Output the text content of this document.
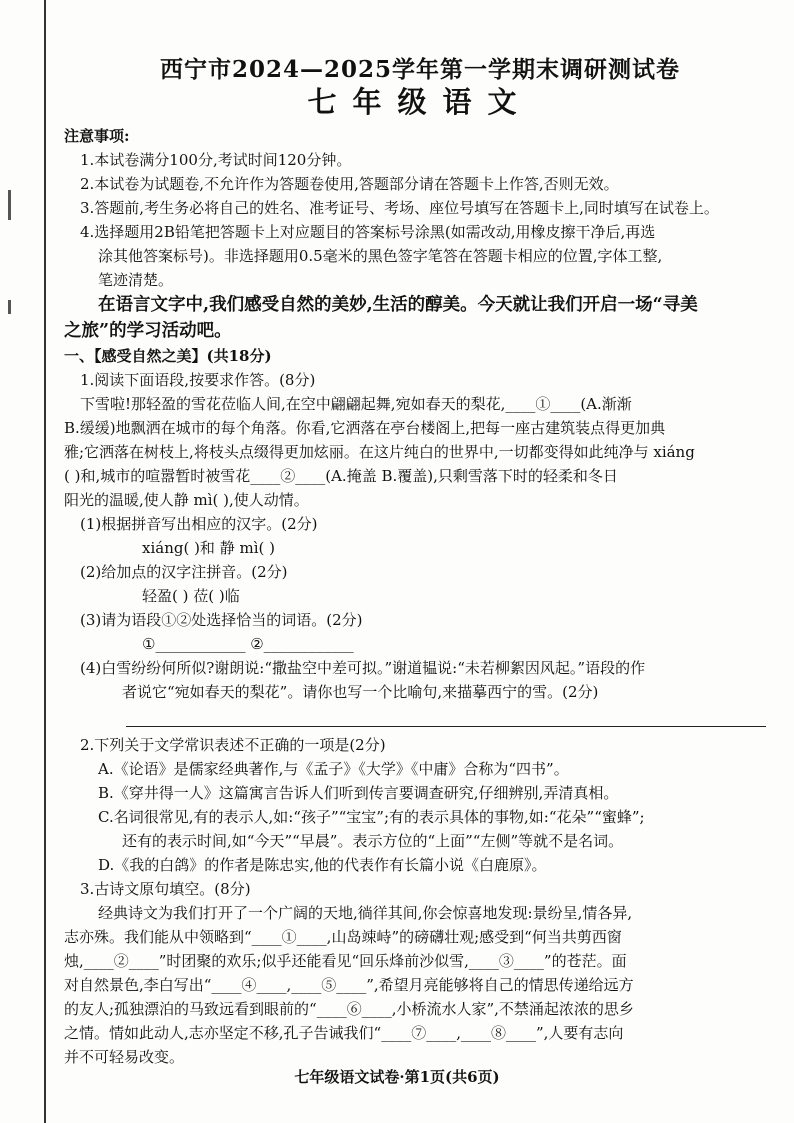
西宁市2024—2025学年第一学期末调研测试卷
七年级语文
注意事项:
1.本试卷满分100分,考试时间120分钟。
2.本试卷为试题卷,不允许作为答题卷使用,答题部分请在答题卡上作答,否则无效。
3.答题前,考生务必将自己的姓名、准考证号、考场、座位号填写在答题卡上,同时填写在试卷上。
4.选择题用2B铅笔把答题卡上对应题目的答案标号涂黑(如需改动,用橡皮擦干净后,再选
涂其他答案标号)。非选择题用0.5毫米的黑色签字笔答在答题卡相应的位置,字体工整,
笔迹清楚。
在语言文字中,我们感受自然的美妙,生活的醇美。今天就让我们开启一场“寻美
之旅”的学习活动吧。
一、【感受自然之美】(共18分)
1.阅读下面语段,按要求作答。(8分)
下雪啦!那轻盈的雪花莅临人间,在空中翩翩起舞,宛如春天的梨花,____①____(A.渐渐
B.缓缓)地飘洒在城市的每个角落。你看,它洒落在亭台楼阁上,把每一座古建筑装点得更加典
雅;它洒落在树枝上,将枝头点缀得更加炫丽。在这片纯白的世界中,一切都变得如此纯净与 xiáng
( )和,城市的喧嚣暂时被雪花____②____(A.掩盖 B.覆盖),只剩雪落下时的轻柔和冬日
阳光的温暖,使人静 mì( ),使人动情。
(1)根据拼音写出相应的汉字。(2分)
xiáng( )和 静 mì( )
(2)给加点的汉字注拼音。(2分)
轻盈( ) 莅( )临
(3)请为语段①②处选择恰当的词语。(2分)
①____________ ②____________
(4)白雪纷纷何所似?谢朗说:“撒盐空中差可拟。”谢道韫说:“未若柳絮因风起。”语段的作
者说它“宛如春天的梨花”。请你也写一个比喻句,来描摹西宁的雪。(2分)
2.下列关于文学常识表述不正确的一项是(2分)
A.《论语》是儒家经典著作,与《孟子》《大学》《中庸》合称为“四书”。
B.《穿井得一人》这篇寓言告诉人们听到传言要调查研究,仔细辨别,弄清真相。
C.名词很常见,有的表示人,如:“孩子”“宝宝”;有的表示具体的事物,如:“花朵”“蜜蜂”;
还有的表示时间,如“今天”“早晨”。表示方位的“上面”“左侧”等就不是名词。
D.《我的白鸽》的作者是陈忠实,他的代表作有长篇小说《白鹿原》。
3.古诗文原句填空。(8分)
经典诗文为我们打开了一个广阔的天地,徜徉其间,你会惊喜地发现:景纷呈,情各异,
志亦殊。我们能从中领略到“____①____,山岛竦峙”的磅礴壮观;感受到“何当共剪西窗
烛,____②____”时团聚的欢乐;似乎还能看见“回乐烽前沙似雪,____③____”的苍茫。面
对自然景色,李白写出“____④____,____⑤____”,希望月亮能够将自己的情思传递给远方
的友人;孤独漂泊的马致远看到眼前的“____⑥____,小桥流水人家”,不禁涌起浓浓的思乡
之情。情如此动人,志亦坚定不移,孔子告诫我们“____⑦____,____⑧____”,人要有志向
并不可轻易改变。
七年级语文试卷·第1页(共6页)
